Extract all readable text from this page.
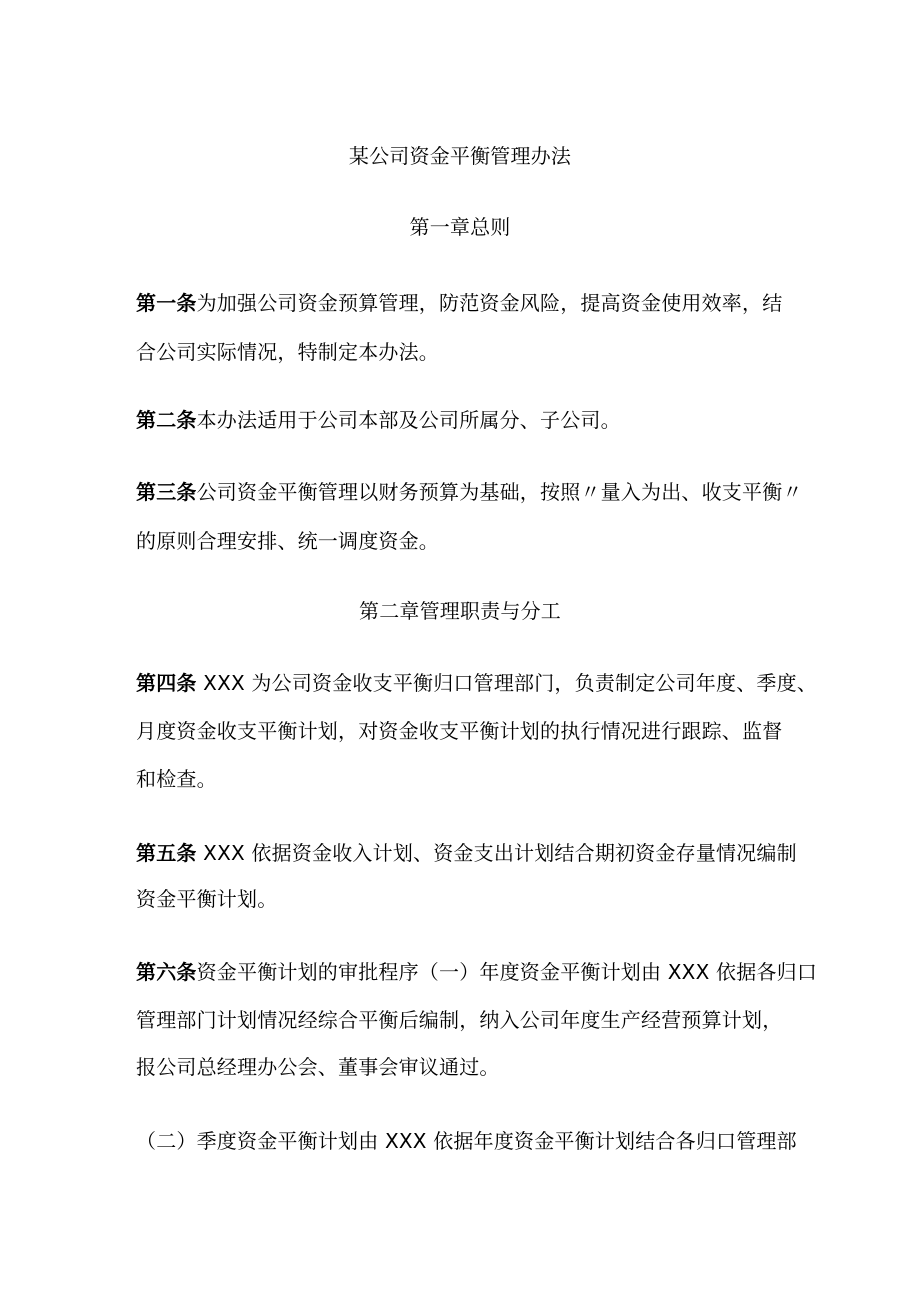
某公司资金平衡管理办法
第一章总则
第一条为加强公司资金预算管理，防范资金风险，提高资金使用效率，结
合公司实际情况，特制定本办法。
第二条本办法适用于公司本部及公司所属分、子公司。
第三条公司资金平衡管理以财务预算为基础，按照〃量入为出、收支平衡〃
的原则合理安排、统一调度资金。
第二章管理职责与分工
第四条 XXX 为公司资金收支平衡归口管理部门，负责制定公司年度、季度、
月度资金收支平衡计划，对资金收支平衡计划的执行情况进行跟踪、监督
和检查。
第五条 XXX 依据资金收入计划、资金支出计划结合期初资金存量情况编制
资金平衡计划。
第六条资金平衡计划的审批程序（一）年度资金平衡计划由 XXX 依据各归口
管理部门计划情况经综合平衡后编制，纳入公司年度生产经营预算计划，
报公司总经理办公会、董事会审议通过。
（二）季度资金平衡计划由 XXX 依据年度资金平衡计划结合各归口管理部
